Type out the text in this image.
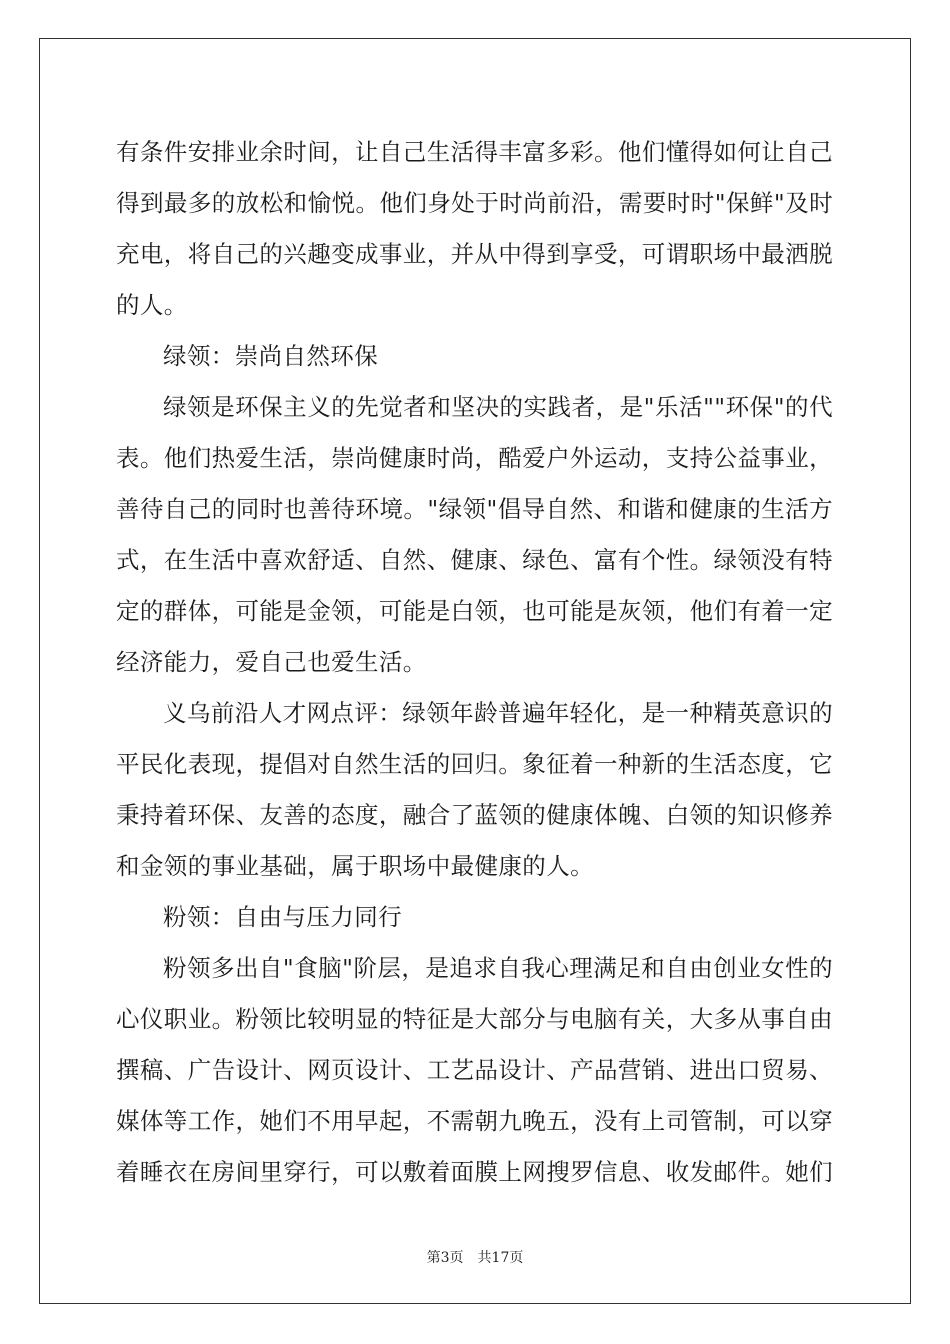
有条件安排业余时间，让自己生活得丰富多彩。他们懂得如何让自己
得到最多的放松和愉悦。他们身处于时尚前沿，需要时时"保鲜"及时
充电，将自己的兴趣变成事业，并从中得到享受，可谓职场中最洒脱
的人。
绿领：崇尚自然环保
绿领是环保主义的先觉者和坚决的实践者，是"乐活""环保"的代
表。他们热爱生活，崇尚健康时尚，酷爱户外运动，支持公益事业，
善待自己的同时也善待环境。"绿领"倡导自然、和谐和健康的生活方
式，在生活中喜欢舒适、自然、健康、绿色、富有个性。绿领没有特
定的群体，可能是金领，可能是白领，也可能是灰领，他们有着一定
经济能力，爱自己也爱生活。
义乌前沿人才网点评：绿领年龄普遍年轻化，是一种精英意识的
平民化表现，提倡对自然生活的回归。象征着一种新的生活态度，它
秉持着环保、友善的态度，融合了蓝领的健康体魄、白领的知识修养
和金领的事业基础，属于职场中最健康的人。
粉领：自由与压力同行
粉领多出自"食脑"阶层，是追求自我心理满足和自由创业女性的
心仪职业。粉领比较明显的特征是大部分与电脑有关，大多从事自由
撰稿、广告设计、网页设计、工艺品设计、产品营销、进出口贸易、
媒体等工作，她们不用早起，不需朝九晚五，没有上司管制，可以穿
着睡衣在房间里穿行，可以敷着面膜上网搜罗信息、收发邮件。她们
第3页 共17页
